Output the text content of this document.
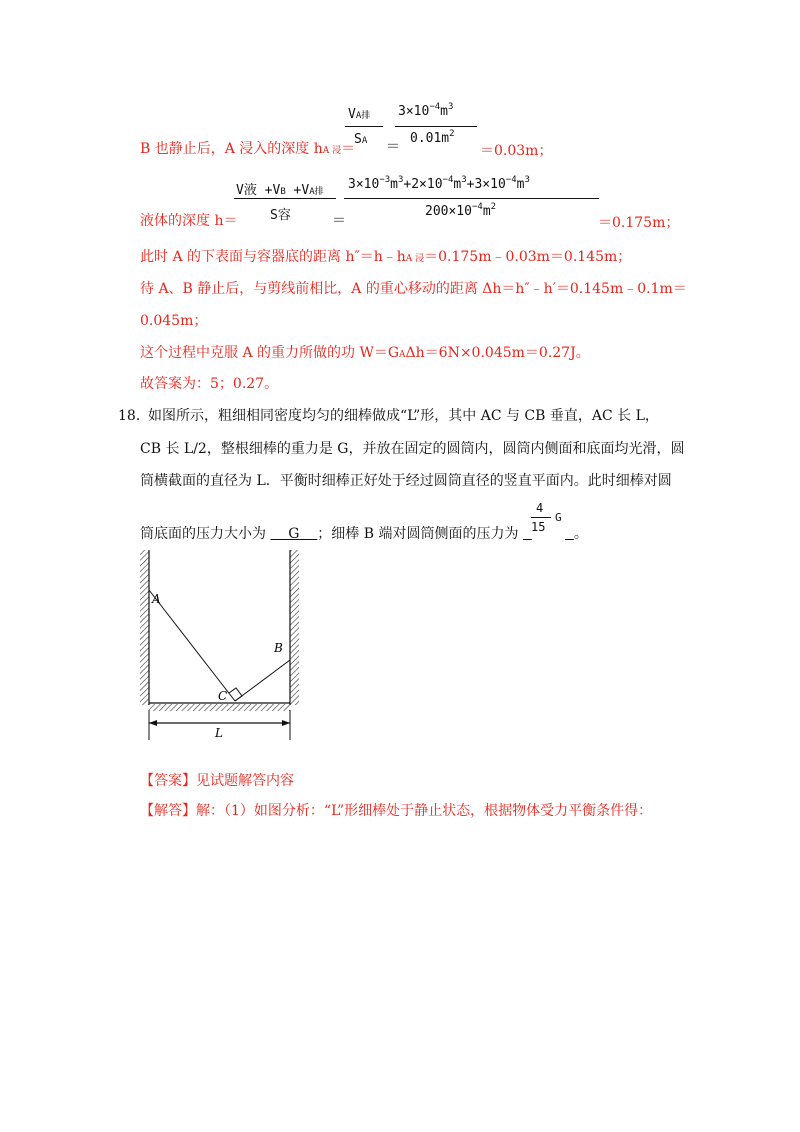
B 也静止后，A 浸入的深度 hA 浸＝
VA排
SA ＝
$3\times 10^{-4}m^3$
$0.01m^2$
＝0.03m；
液体的深度 h＝
V液 +VB +VA排
S容	＝
$3\times 10^{-3}m^3+2\times 10^{-4}m^3+3\times 10^{-4}m^3$
$200\times 10^{-4}m^2$
＝0.175m；
此时 A 的下表面与容器底的距离 h″＝h﹣hA 浸＝0.175m﹣0.03m＝0.145m；
待 A、B 静止后，与剪线前相比，A 的重心移动的距离 Δh＝h″﹣h′＝0.145m﹣0.1m＝
0.045m；
这个过程中克服 A 的重力所做的功 W＝GAΔh＝6N×0.045m＝0.27J。
故答案为：5；0.27。
18．
如图所示，粗细相同密度均匀的细棒做成“L”形，其中 AC 与 CB 垂直，AC 长 L，
CB 长 L/2，整根细棒的重力是 G，并放在固定的圆筒内，圆筒内侧面和底面均光滑，圆
筒横截面的直径为 L．平衡时细棒正好处于经过圆筒直径的竖直平面内。此时细棒对圆
筒底面的压力大小为     G    ；细棒 B 端对圆筒侧面的压力为
4
15
G
。
A
B
C
L
【答案】见试题解答内容
【解答】解：（1）如图分析：“L”形细棒处于静止状态，根据物体受力平衡条件得：
